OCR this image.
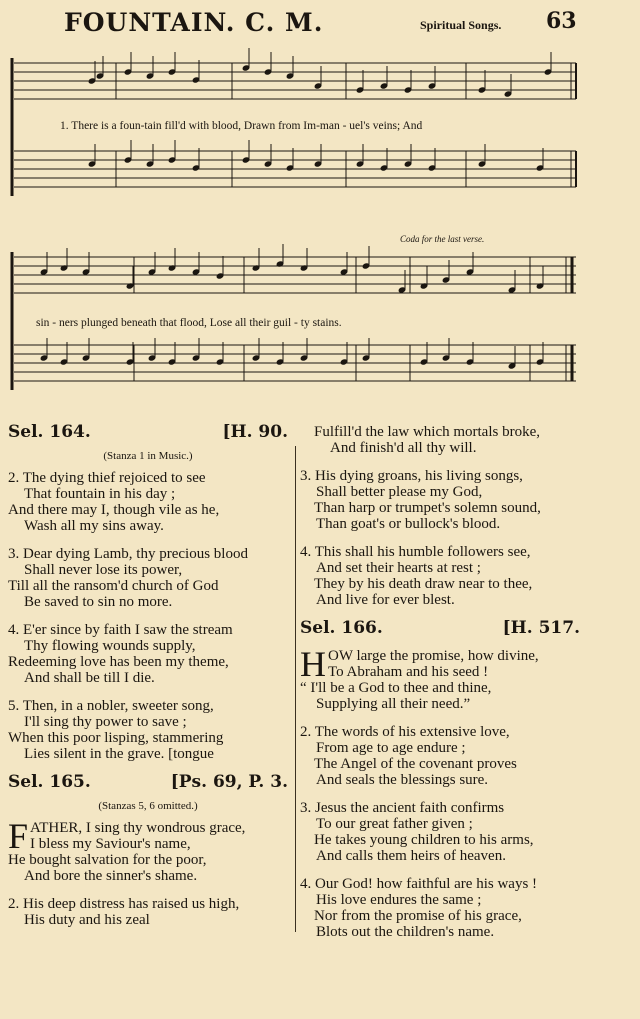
FOUNTAIN. C. M.	Spiritual Songs. 63
1. There is a foun-tain fill'd with blood, Drawn from Im-man - uel's veins; And
sin - ners plunged beneath that flood, Lose all their guil - ty stains.
Coda for the last verse.
Sel. 164.	[H. 90.
(Stanza 1 in Music.)
2. The dying thief rejoiced to see
That fountain in his day ;
And there may I, though vile as he,
Wash all my sins away.
3. Dear dying Lamb, thy precious blood
Shall never lose its power,
Till all the ransom'd church of God
Be saved to sin no more.
4. E'er since by faith I saw the stream
Thy flowing wounds supply,
Redeeming love has been my theme,
And shall be till I die.
5. Then, in a nobler, sweeter song,
I'll sing thy power to save ;
When this poor lisping, stammering
Lies silent in the grave. [tongue
Sel. 165.	[Ps. 69, P. 3.
(Stanzas 5, 6 omitted.)
F ATHER, I sing thy wondrous grace,
I bless my Saviour's name,
He bought salvation for the poor,
And bore the sinner's shame.
2. His deep distress has raised us high,
His duty and his zeal
Fulfill'd the law which mortals broke,
And finish'd all thy will.
3. His dying groans, his living songs,
Shall better please my God,
Than harp or trumpet's solemn sound,
Than goat's or bullock's blood.
4. This shall his humble followers see,
And set their hearts at rest ;
They by his death draw near to thee,
And live for ever blest.
Sel. 166.	[H. 517.
H OW large the promise, how divine,
To Abraham and his seed !
“ I'll be a God to thee and thine,
Supplying all their need.”
2. The words of his extensive love,
From age to age endure ;
The Angel of the covenant proves
And seals the blessings sure.
3. Jesus the ancient faith confirms
To our great father given ;
He takes young children to his arms,
And calls them heirs of heaven.
4. Our God! how faithful are his ways !
His love endures the same ;
Nor from the promise of his grace,
Blots out the children's name.
